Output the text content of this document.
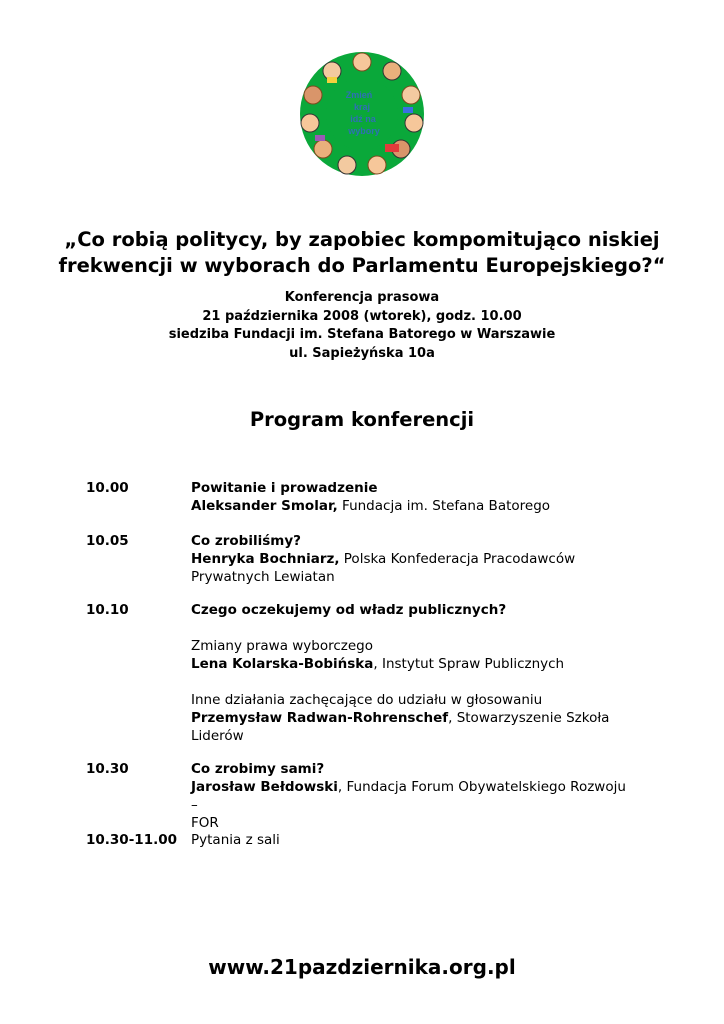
Zmień
kraj
idź na
wybory
„Co robią politycy, by zapobiec kompomitująco niskiej
frekwencji w wyborach do Parlamentu Europejskiego?“
Konferencja prasowa
21 października 2008 (wtorek), godz. 10.00
siedziba Fundacji im. Stefana Batorego w Warszawie
ul. Sapieżyńska 10a
Program konferencji
10.00	Powitanie i prowadzenie
Aleksander Smolar, Fundacja im. Stefana Batorego
10.05	Co zrobiliśmy?
Henryka Bochniarz, Polska Konfederacja Pracodawców
Prywatnych Lewiatan
10.10	Czego oczekujemy od władz publicznych?
Zmiany prawa wyborczego
Lena Kolarska-Bobińska, Instytut Spraw Publicznych
Inne działania zachęcające do udziału w głosowaniu
Przemysław Radwan-Rohrenschef, Stowarzyszenie Szkoła
Liderów
10.30	Co zrobimy sami?
Jarosław Bełdowski, Fundacja Forum Obywatelskiego Rozwoju –
FOR
10.30-11.00 Pytania z sali
www.21pazdziernika.org.pl
